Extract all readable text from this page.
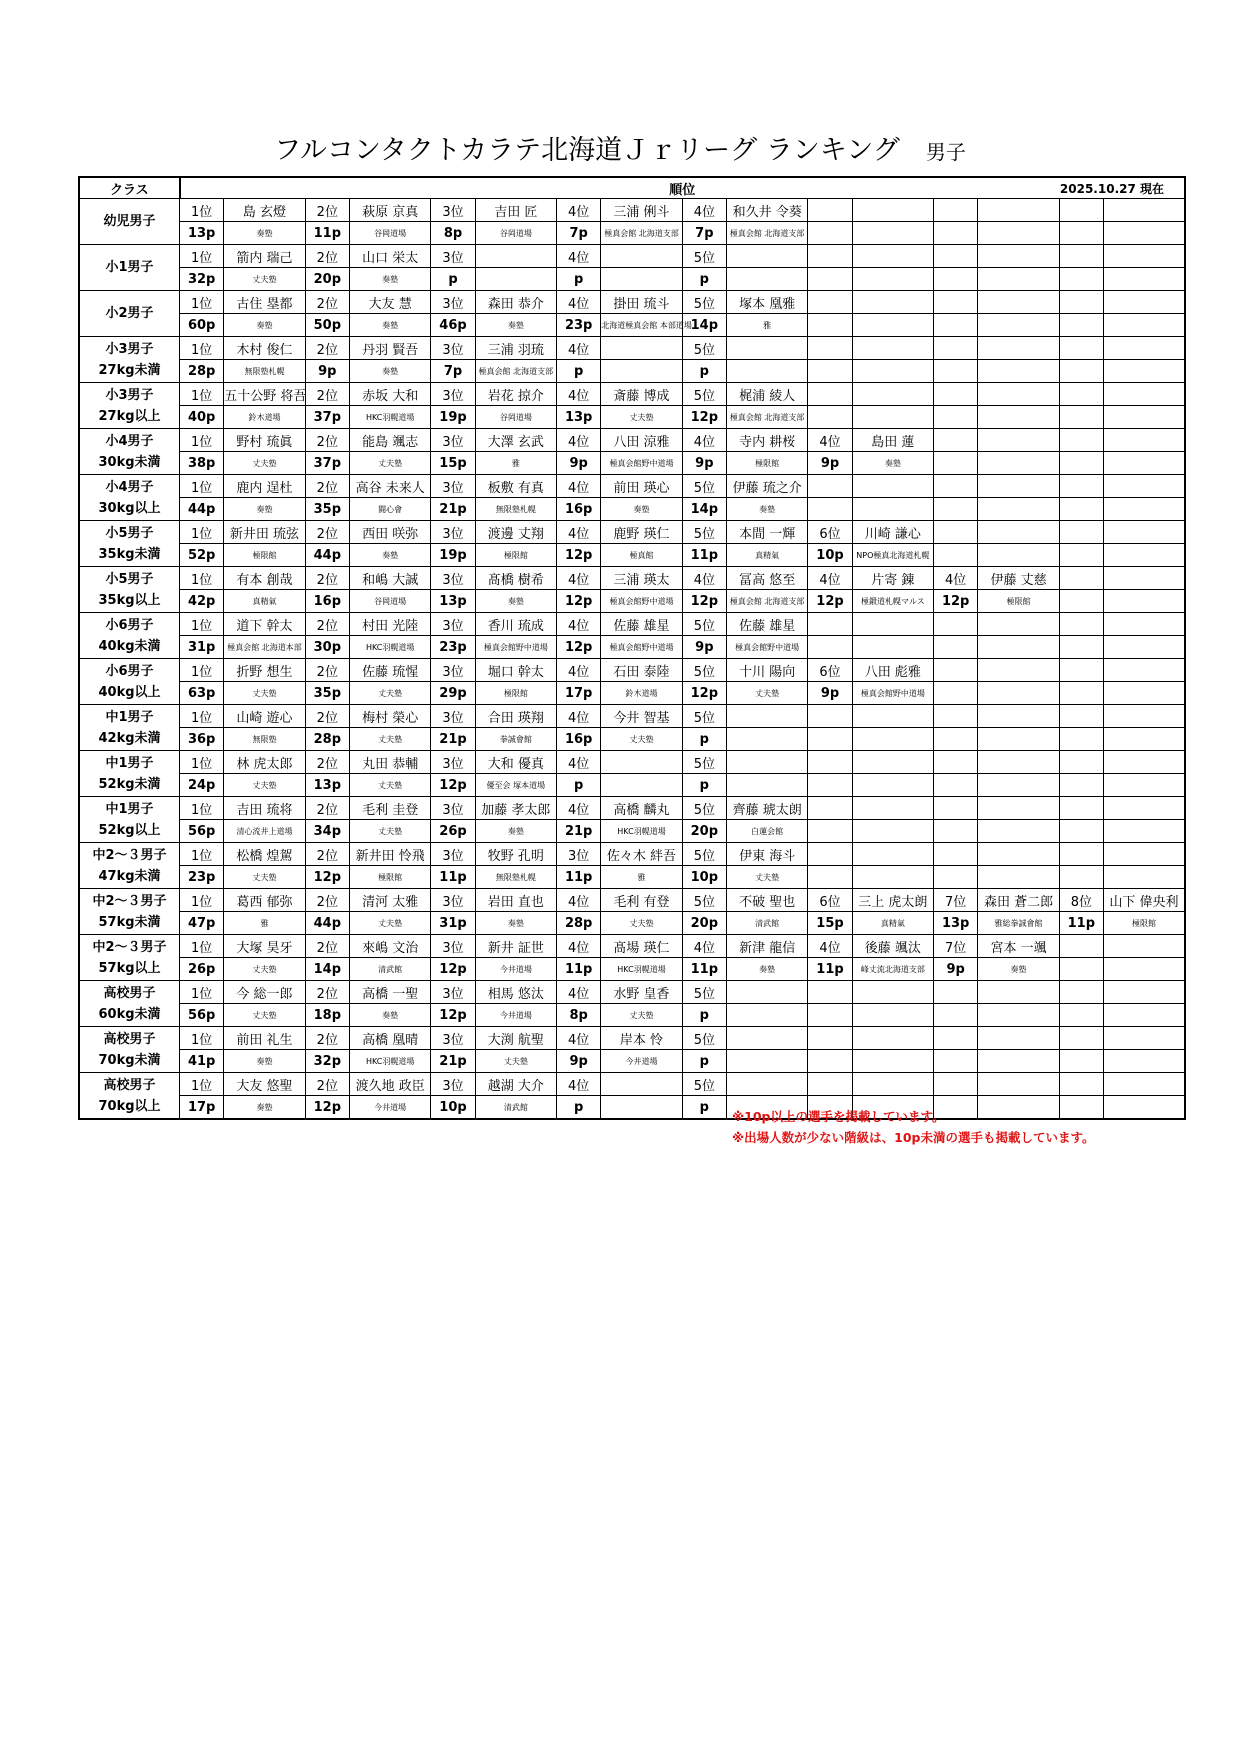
フルコンタクトカラテ北海道Ｊｒリーグ ランキング 男子
クラス	順位 2025.10.27 現在															

幼児男子	1位	島 玄燈	2位	萩原 京真	3位	吉田 匠	4位	三浦 俐斗	4位	和久井 令葵						
	13p	奏塾	11p	谷岡道場	8p	谷岡道場	7p	極真会館 北海道支部	7p	極真会館 北海道支部						

小1男子	1位	箭内 瑞己	2位	山口 栄太	3位		4位		5位							
	32p	丈夫塾	20p	奏塾	p		p		p							

小2男子	1位	古住 塁都	2位	大友 慧	3位	森田 恭介	4位	掛田 琉斗	5位	塚本 凰雅						
	60p	奏塾	50p	奏塾	46p	奏塾	23p	北海道極真会館 本部道場	14p	雅						

小3男子
27kg未満	1位	木村 俊仁	2位	丹羽 賢吾	3位	三浦 羽琉	4位		5位							
	28p	無限塾札幌	9p	奏塾	7p	極真会館 北海道支部	p		p							

小3男子
27kg以上	1位	五十公野 将吾	2位	赤坂 大和	3位	岩花 掠介	4位	斎藤 博成	5位	梶浦 綾人						
	40p	鈴木道場	37p	HKC羽幌道場	19p	谷岡道場	13p	丈夫塾	12p	極真会館 北海道支部						

小4男子
30kg未満	1位	野村 琉眞	2位	能島 颯志	3位	大澤 玄武	4位	八田 涼雅	4位	寺内 耕桜	4位	島田 蓮				
	38p	丈夫塾	37p	丈夫塾	15p	雅	9p	極真会館野中道場	9p	極限館	9p	奏塾				

小4男子
30kg以上	1位	鹿内 逞杜	2位	高谷 未来人	3位	板敷 有真	4位	前田 瑛心	5位	伊藤 琉之介						
	44p	奏塾	35p	闘心會	21p	無限塾札幌	16p	奏塾	14p	奏塾						

小5男子
35kg未満	1位	新井田 琉弦	2位	西田 咲弥	3位	渡邊 丈翔	4位	鹿野 瑛仁	5位	本間 一輝	6位	川崎 謙心				
	52p	極限館	44p	奏塾	19p	極限館	12p	極真館	11p	真精氣	10p	NPO極真北海道札幌				

小5男子
35kg以上	1位	有本 創哉	2位	和嶋 大誠	3位	髙橋 樹希	4位	三浦 瑛太	4位	冨高 悠至	4位	片寄 錬	4位	伊藤 丈慈		
	42p	真精氣	16p	谷岡道場	13p	奏塾	12p	極真会館野中道場	12p	極真会館 北海道支部	12p	極鍛道札幌マルス	12p	極限館		

小6男子
40kg未満	1位	道下 幹太	2位	村田 光陸	3位	香川 琉成	4位	佐藤 雄星	5位	佐藤 雄星						
	31p	極真会館 北海道本部	30p	HKC羽幌道場	23p	極真会館野中道場	12p	極真会館野中道場	9p	極真会館野中道場						

小6男子
40kg以上	1位	折野 想生	2位	佐藤 琉惺	3位	堀口 幹太	4位	石田 泰陸	5位	十川 陽向	6位	八田 彪雅				
	63p	丈夫塾	35p	丈夫塾	29p	極限館	17p	鈴木道場	12p	丈夫塾	9p	極真会館野中道場				

中1男子
42kg未満	1位	山崎 遊心	2位	梅村 榮心	3位	合田 瑛翔	4位	今井 智基	5位							
	36p	無限塾	28p	丈夫塾	21p	拳誠會館	16p	丈夫塾	p							

中1男子
52kg未満	1位	林 虎太郎	2位	丸田 恭輔	3位	大和 優真	4位		5位							
	24p	丈夫塾	13p	丈夫塾	12p	優至会 塚本道場	p		p							

中1男子
52kg以上	1位	吉田 琉将	2位	毛利 圭登	3位	加藤 孝太郎	4位	高橋 麟丸	5位	齊藤 琥太朗						
	56p	清心流井上道場	34p	丈夫塾	26p	奏塾	21p	HKC羽幌道場	20p	白蓮会館						

中2～３男子
47kg未満	1位	松橋 煌駕	2位	新井田 怜飛	3位	牧野 孔明	3位	佐々木 絆吾	5位	伊東 海斗						
	23p	丈夫塾	12p	極限館	11p	無限塾札幌	11p	雅	10p	丈夫塾						

中2～３男子
57kg未満	1位	葛西 郁弥	2位	清河 太雅	3位	岩田 直也	4位	毛利 有登	5位	不破 聖也	6位	三上 虎太朗	7位	森田 蒼二郎	8位	山下 偉央利
	47p	雅	44p	丈夫塾	31p	奏塾	28p	丈夫塾	20p	清武館	15p	真精氣	13p	雅総拳誠會館	11p	極限館

中2～３男子
57kg以上	1位	大塚 昊牙	2位	來嶋 文治	3位	新井 証世	4位	髙場 瑛仁	4位	新津 龍信	4位	後藤 颯汰	7位	宮本 一颯		
	26p	丈夫塾	14p	清武館	12p	今井道場	11p	HKC羽幌道場	11p	奏塾	11p	峰丈流北海道支部	9p	奏塾		

高校男子
60kg未満	1位	今 総一郎	2位	高橋 一聖	3位	相馬 悠汰	4位	水野 皇香	5位							
	56p	丈夫塾	18p	奏塾	12p	今井道場	8p	丈夫塾	p							

高校男子
70kg未満	1位	前田 礼生	2位	高橋 凰晴	3位	大渕 航聖	4位	岸本 怜	5位							
	41p	奏塾	32p	HKC羽幌道場	21p	丈夫塾	9p	今井道場	p							

高校男子
70kg以上	1位	大友 悠聖	2位	渡久地 政臣	3位	越湖 大介	4位		5位							
	17p	奏塾	12p	今井道場	10p	清武館	p		p							
※10p以上の選手を掲載しています。
※出場人数が少ない階級は、10p未満の選手も掲載しています。
